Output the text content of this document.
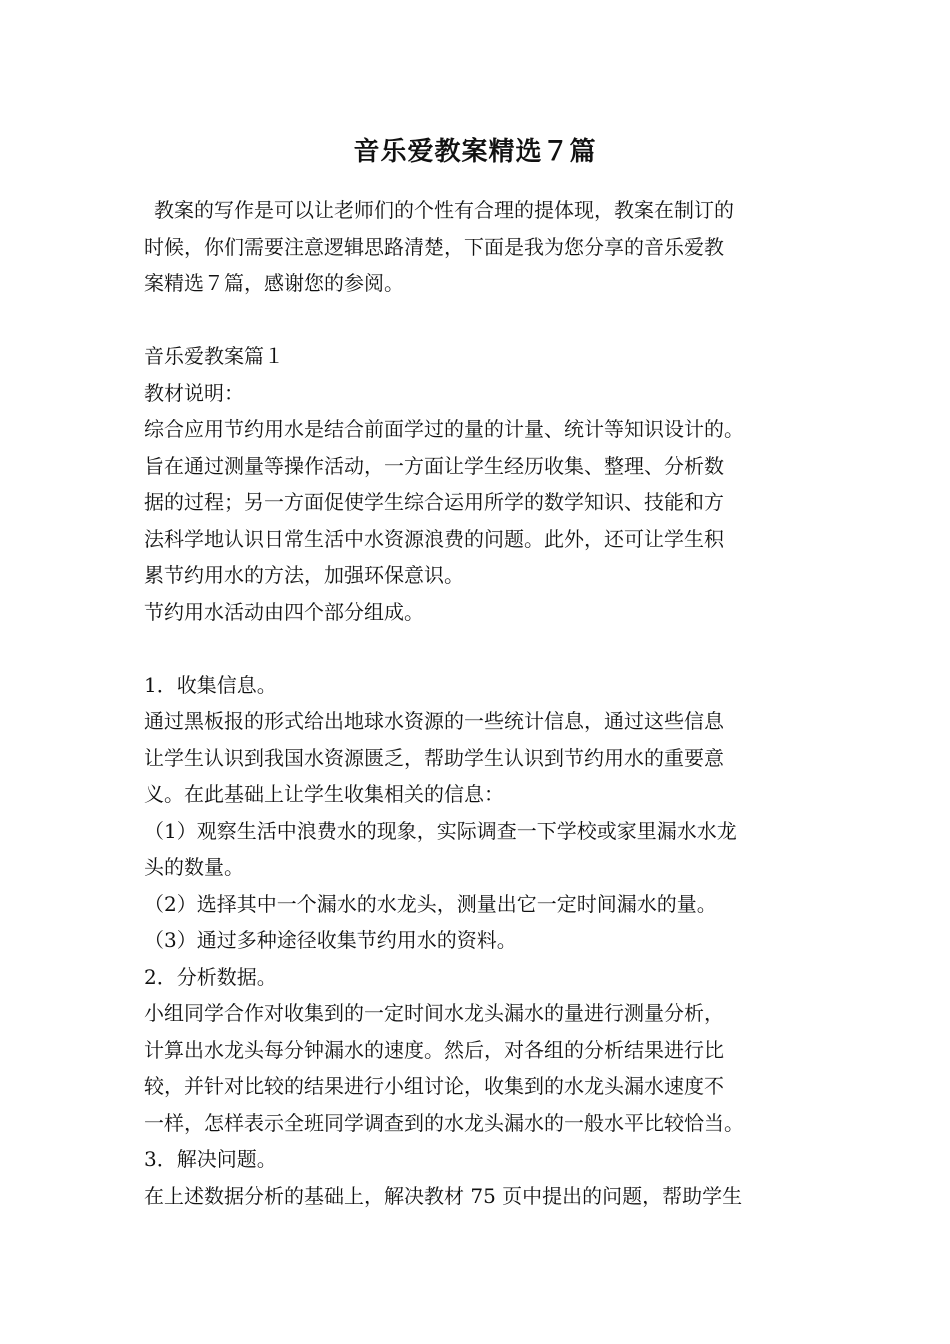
音乐爱教案精选７篇

教案的写作是可以让老师们的个性有合理的提体现，教案在制订的

时候，你们需要注意逻辑思路清楚，下面是我为您分享的音乐爱教

案精选７篇，感谢您的参阅。

音乐爱教案篇１

教材说明：

综合应用节约用水是结合前面学过的量的计量、统计等知识设计的。

旨在通过测量等操作活动，一方面让学生经历收集、整理、分析数

据的过程；另一方面促使学生综合运用所学的数学知识、技能和方

法科学地认识日常生活中水资源浪费的问题。此外，还可让学生积

累节约用水的方法，加强环保意识。

节约用水活动由四个部分组成。

1．收集信息。

通过黑板报的形式给出地球水资源的一些统计信息，通过这些信息

让学生认识到我国水资源匮乏，帮助学生认识到节约用水的重要意

义。在此基础上让学生收集相关的信息：

（1）观察生活中浪费水的现象，实际调查一下学校或家里漏水水龙

头的数量。

（2）选择其中一个漏水的水龙头，测量出它一定时间漏水的量。

（3）通过多种途径收集节约用水的资料。

2．分析数据。

小组同学合作对收集到的一定时间水龙头漏水的量进行测量分析，

计算出水龙头每分钟漏水的速度。然后，对各组的分析结果进行比

较，并针对比较的结果进行小组讨论，收集到的水龙头漏水速度不

一样，怎样表示全班同学调查到的水龙头漏水的一般水平比较恰当。

3．解决问题。

在上述数据分析的基础上，解决教材 75 页中提出的问题，帮助学生
